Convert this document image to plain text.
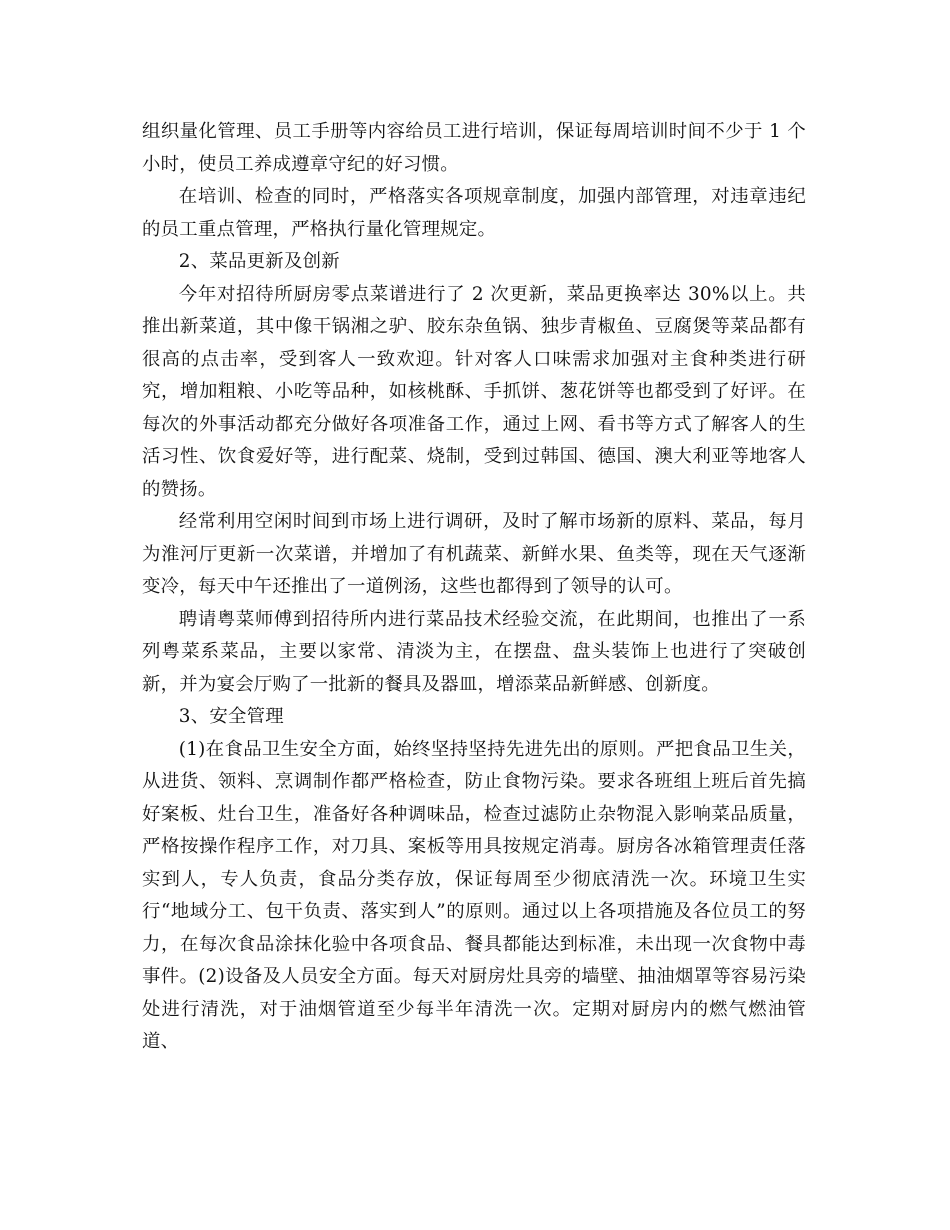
组织量化管理、员工手册等内容给员工进行培训，保证每周培训时间不少于 1 个小时，使员工养成遵章守纪的好习惯。

在培训、检查的同时，严格落实各项规章制度，加强内部管理，对违章违纪的员工重点管理，严格执行量化管理规定。

2、菜品更新及创新

今年对招待所厨房零点菜谱进行了 2 次更新，菜品更换率达 30%以上。共推出新菜道，其中像干锅湘之驴、胶东杂鱼锅、独步青椒鱼、豆腐煲等菜品都有很高的点击率，受到客人一致欢迎。针对客人口味需求加强对主食种类进行研究，增加粗粮、小吃等品种，如核桃酥、手抓饼、葱花饼等也都受到了好评。在每次的外事活动都充分做好各项准备工作，通过上网、看书等方式了解客人的生活习性、饮食爱好等，进行配菜、烧制，受到过韩国、德国、澳大利亚等地客人的赞扬。

经常利用空闲时间到市场上进行调研，及时了解市场新的原料、菜品，每月为淮河厅更新一次菜谱，并增加了有机蔬菜、新鲜水果、鱼类等，现在天气逐渐变冷，每天中午还推出了一道例汤，这些也都得到了领导的认可。

聘请粤菜师傅到招待所内进行菜品技术经验交流，在此期间，也推出了一系列粤菜系菜品，主要以家常、清淡为主，在摆盘、盘头装饰上也进行了突破创新，并为宴会厅购了一批新的餐具及器皿，增添菜品新鲜感、创新度。

3、安全管理

(1)在食品卫生安全方面，始终坚持坚持先进先出的原则。严把食品卫生关，从进货、领料、烹调制作都严格检查，防止食物污染。要求各班组上班后首先搞好案板、灶台卫生，准备好各种调味品，检查过滤防止杂物混入影响菜品质量，严格按操作程序工作，对刀具、案板等用具按规定消毒。厨房各冰箱管理责任落实到人，专人负责，食品分类存放，保证每周至少彻底清洗一次。环境卫生实行“地域分工、包干负责、落实到人”的原则。通过以上各项措施及各位员工的努力，在每次食品涂抹化验中各项食品、餐具都能达到标准，未出现一次食物中毒事件。(2)设备及人员安全方面。每天对厨房灶具旁的墙壁、抽油烟罩等容易污染处进行清洗，对于油烟管道至少每半年清洗一次。定期对厨房内的燃气燃油管道、
